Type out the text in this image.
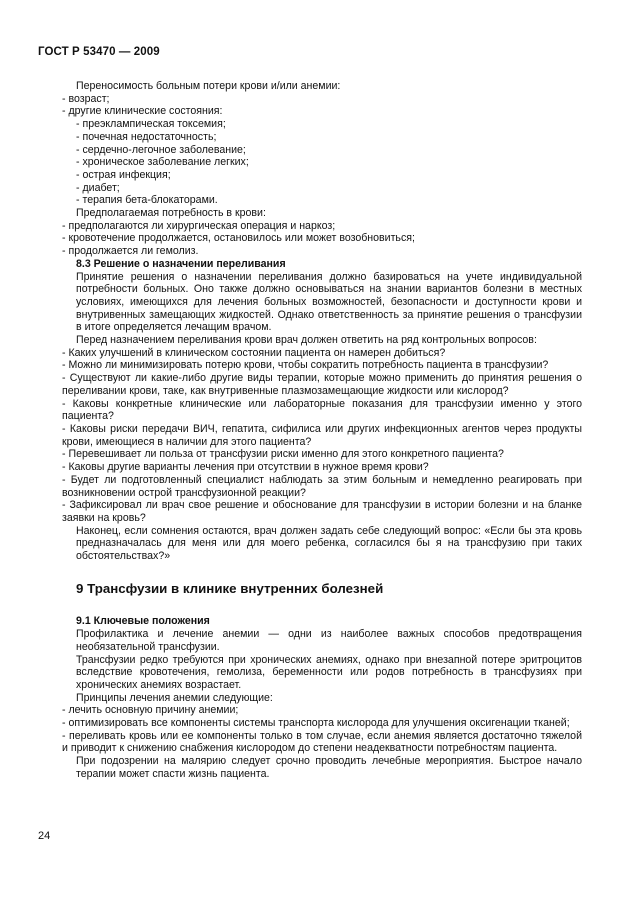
ГОСТ Р 53470 — 2009

Переносимость больным потери крови и/или анемии:

- возраст;

- другие клинические состояния:

- преэклампическая токсемия;

- почечная недостаточность;

- сердечно-легочное заболевание;

- хроническое заболевание легких;

- острая инфекция;

- диабет;

- терапия бета-блокаторами.

Предполагаемая потребность в крови:

- предполагаются ли хирургическая операция и наркоз;

- кровотечение продолжается, остановилось или может возобновиться;

- продолжается ли гемолиз.

8.3 Решение о назначении переливания

Принятие решения о назначении переливания должно базироваться на учете индивидуальной потребности больных. Оно также должно основываться на знании вариантов болезни в местных условиях, имеющихся для лечения больных возможностей, безопасности и доступности крови и внутривенных замещающих жидкостей. Однако ответственность за принятие решения о трансфузии в итоге определяется лечащим врачом.

Перед назначением переливания крови врач должен ответить на ряд контрольных вопросов:

- Каких улучшений в клиническом состоянии пациента он намерен добиться?

- Можно ли минимизировать потерю крови, чтобы сократить потребность пациента в трансфузии?

- Существуют ли какие-либо другие виды терапии, которые можно применить до принятия решения о переливании крови, таке, как внутривенные плазмозамещающие жидкости или кислород?

- Каковы конкретные клинические или лабораторные показания для трансфузии именно у этого пациента?

- Каковы риски передачи ВИЧ, гепатита, сифилиса или других инфекционных агентов через продукты крови, имеющиеся в наличии для этого пациента?

- Перевешивает ли польза от трансфузии риски именно для этого конкретного пациента?

- Каковы другие варианты лечения при отсутствии в нужное время крови?

- Будет ли подготовленный специалист наблюдать за этим больным и немедленно реагировать при возникновении острой трансфузионной реакции?

- Зафиксировал ли врач свое решение и обоснование для трансфузии в истории болезни и на бланке заявки на кровь?

Наконец, если сомнения остаются, врач должен задать себе следующий вопрос: «Если бы эта кровь предназначалась для меня или для моего ребенка, согласился бы я на трансфузию при таких обстоятельствах?»

9 Трансфузии в клинике внутренних болезней

9.1 Ключевые положения

Профилактика и лечение анемии — одни из наиболее важных способов предотвращения необязательной трансфузии.

Трансфузии редко требуются при хронических анемиях, однако при внезапной потере эритроцитов вследствие кровотечения, гемолиза, беременности или родов потребность в трансфузиях при хронических анемиях возрастает.

Принципы лечения анемии следующие:

- лечить основную причину анемии;

- оптимизировать все компоненты системы транспорта кислорода для улучшения оксигенации тканей;

- переливать кровь или ее компоненты только в том случае, если анемия является достаточно тяжелой и приводит к снижению снабжения кислородом до степени неадекватности потребностям пациента.

При подозрении на малярию следует срочно проводить лечебные мероприятия. Быстрое начало терапии может спасти жизнь пациента.

24
